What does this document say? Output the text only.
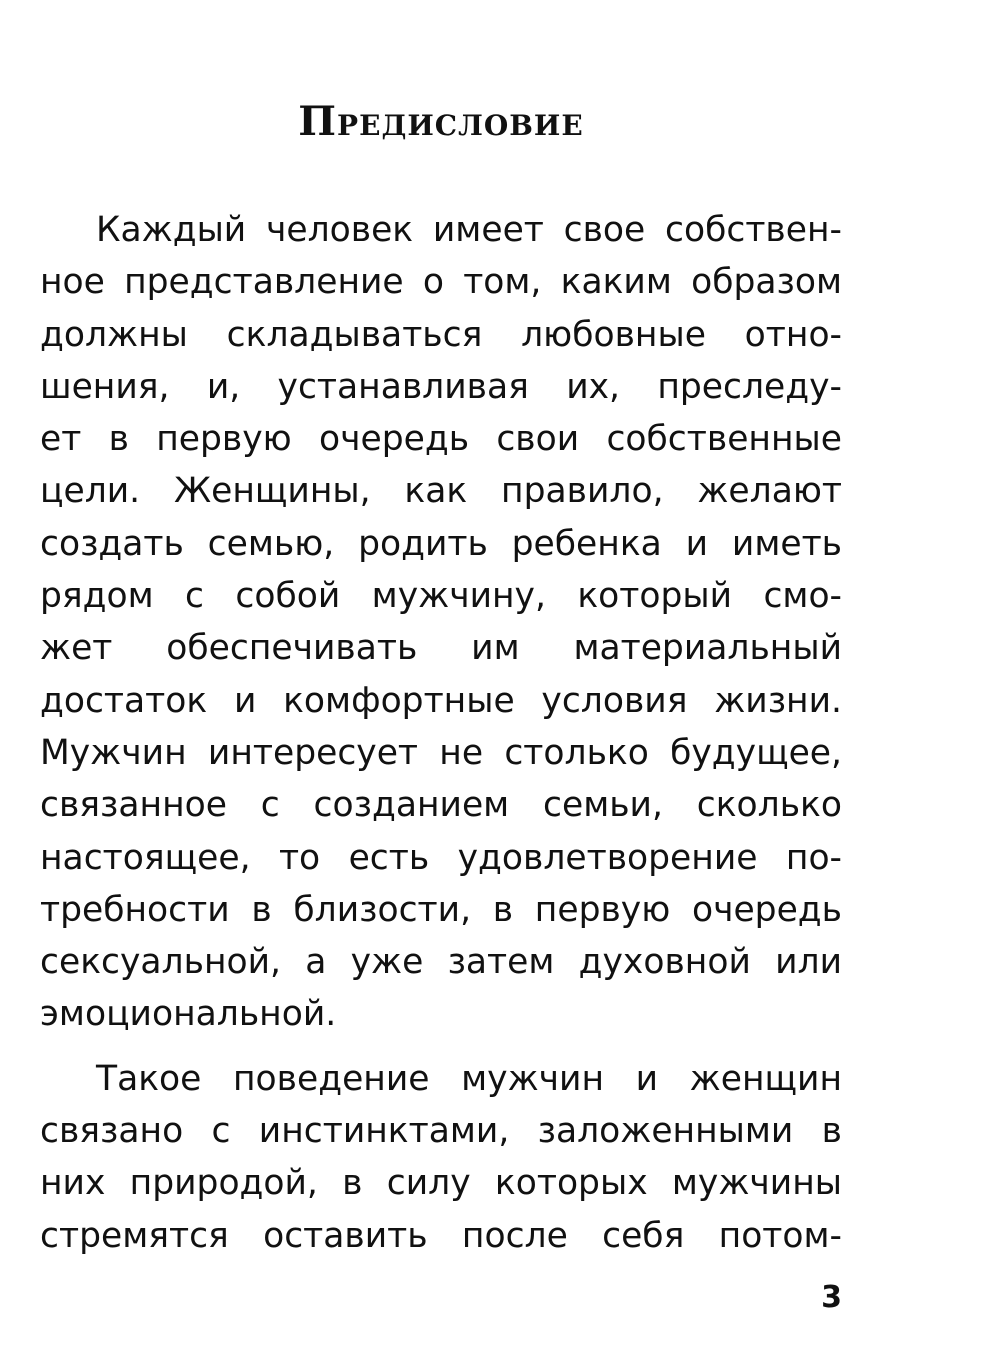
Предисловие

Каждый человек имеет свое собствен-
ное представление о том, каким образом
должны складываться любовные отно-
шения, и, устанавливая их, преследу-
ет в первую очередь свои собственные
цели. Женщины, как правило, желают
создать семью, родить ребенка и иметь
рядом с собой мужчину, который смо-
жет обеспечивать им материальный
достаток и комфортные условия жизни.
Мужчин интересует не столько будущее,
связанное с созданием семьи, сколько
настоящее, то есть удовлетворение по-
требности в близости, в первую очередь
сексуальной, а уже затем духовной или
эмоциональной.

Такое поведение мужчин и женщин
связано с инстинктами, заложенными в
них природой, в силу которых мужчины
стремятся оставить после себя потом-

3
